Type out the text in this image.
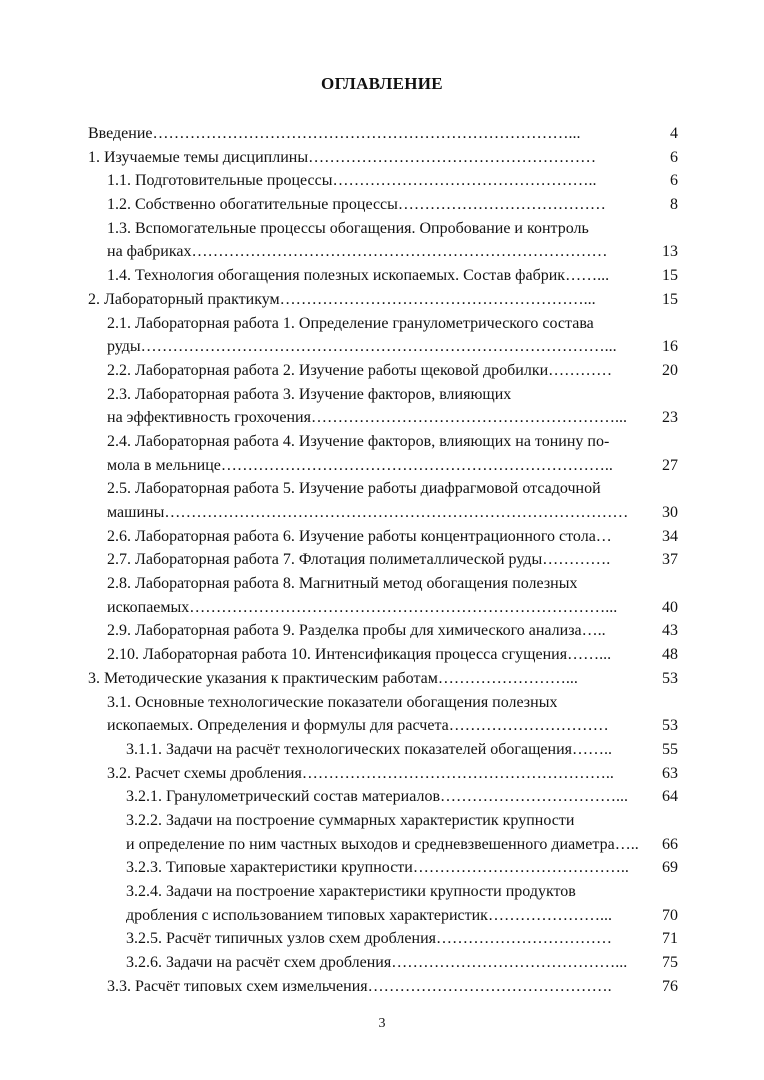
ОГЛАВЛЕНИЕ
Введение……………………………………………………………………...	4
1. Изучаемые темы дисциплины………………………………………………	6
1.1. Подготовительные процессы…………………………………………..	6
1.2. Собственно обогатительные процессы…………………………………	8
1.3. Вспомогательные процессы обогащения. Опробование и контроль
на фабриках……………………………………………………………………	13
1.4. Технология обогащения полезных ископаемых. Состав фабрик……...	15
2. Лабораторный практикум…………………………………………………...	15
2.1. Лабораторная работа 1. Определение гранулометрического состава
руды……………………………………………………………………………...	16
2.2. Лабораторная работа 2. Изучение работы щековой дробилки…………	20
2.3. Лабораторная работа 3. Изучение факторов, влияющих
на эффективность грохочения…………………………………………………... 23
2.4. Лабораторная работа 4. Изучение факторов, влияющих на тонину по-
мола в мельнице………………………………………………………………..	27
2.5. Лабораторная работа 5. Изучение работы диафрагмовой отсадочной
машины…………………………………………………………………………… 30
2.6. Лабораторная работа 6. Изучение работы концентрационного стола…	34
2.7. Лабораторная работа 7. Флотация полиметаллической руды………….	37
2.8. Лабораторная работа 8. Магнитный метод обогащения полезных
ископаемых……………………………………………………………………...	40
2.9. Лабораторная работа 9. Разделка пробы для химического анализа…..	43
2.10. Лабораторная работа 10. Интенсификация процесса сгущения……...	48
3. Методические указания к практическим работам……………………...	53
3.1. Основные технологические показатели обогащения полезных
ископаемых. Определения и формулы для расчета…………………………	53
3.1.1. Задачи на расчёт технологических показателей обогащения……..	55
3.2. Расчет схемы дробления…………………………………………………..	63
3.2.1. Гранулометрический состав материалов……………………………... 64
3.2.2. Задачи на построение суммарных характеристик крупности
и определение по ним частных выходов и средневзвешенного диаметра….. 66
3.2.3. Типовые характеристики крупности………………………………….. 69
3.2.4. Задачи на построение характеристики крупности продуктов
дробления с использованием типовых характеристик…………………...	70
3.2.5. Расчёт типичных узлов схем дробления……………………………	71
3.2.6. Задачи на расчёт схем дробления……………………………………... 75
3.3. Расчёт типовых схем измельчения……………………………………….	76
3
